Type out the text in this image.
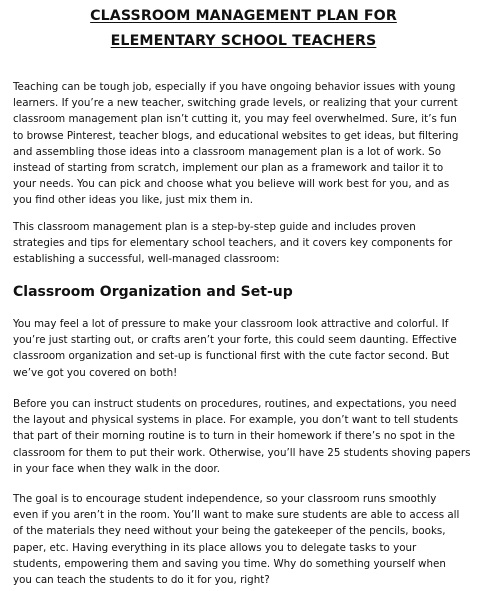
CLASSROOM MANAGEMENT PLAN FOR
ELEMENTARY SCHOOL TEACHERS

Teaching can be tough job, especially if you have ongoing behavior issues with young
learners. If you’re a new teacher, switching grade levels, or realizing that your current
classroom management plan isn’t cutting it, you may feel overwhelmed. Sure, it’s fun
to browse Pinterest, teacher blogs, and educational websites to get ideas, but filtering
and assembling those ideas into a classroom management plan is a lot of work. So
instead of starting from scratch, implement our plan as a framework and tailor it to
your needs. You can pick and choose what you believe will work best for you, and as
you find other ideas you like, just mix them in.

This classroom management plan is a step-by-step guide and includes proven
strategies and tips for elementary school teachers, and it covers key components for
establishing a successful, well-managed classroom:

Classroom Organization and Set-up

You may feel a lot of pressure to make your classroom look attractive and colorful. If
you’re just starting out, or crafts aren’t your forte, this could seem daunting. Effective
classroom organization and set-up is functional first with the cute factor second. But
we’ve got you covered on both!

Before you can instruct students on procedures, routines, and expectations, you need
the layout and physical systems in place. For example, you don’t want to tell students
that part of their morning routine is to turn in their homework if there’s no spot in the
classroom for them to put their work. Otherwise, you’ll have 25 students shoving papers
in your face when they walk in the door.

The goal is to encourage student independence, so your classroom runs smoothly
even if you aren’t in the room. You’ll want to make sure students are able to access all
of the materials they need without your being the gatekeeper of the pencils, books,
paper, etc. Having everything in its place allows you to delegate tasks to your
students, empowering them and saving you time. Why do something yourself when
you can teach the students to do it for you, right?
